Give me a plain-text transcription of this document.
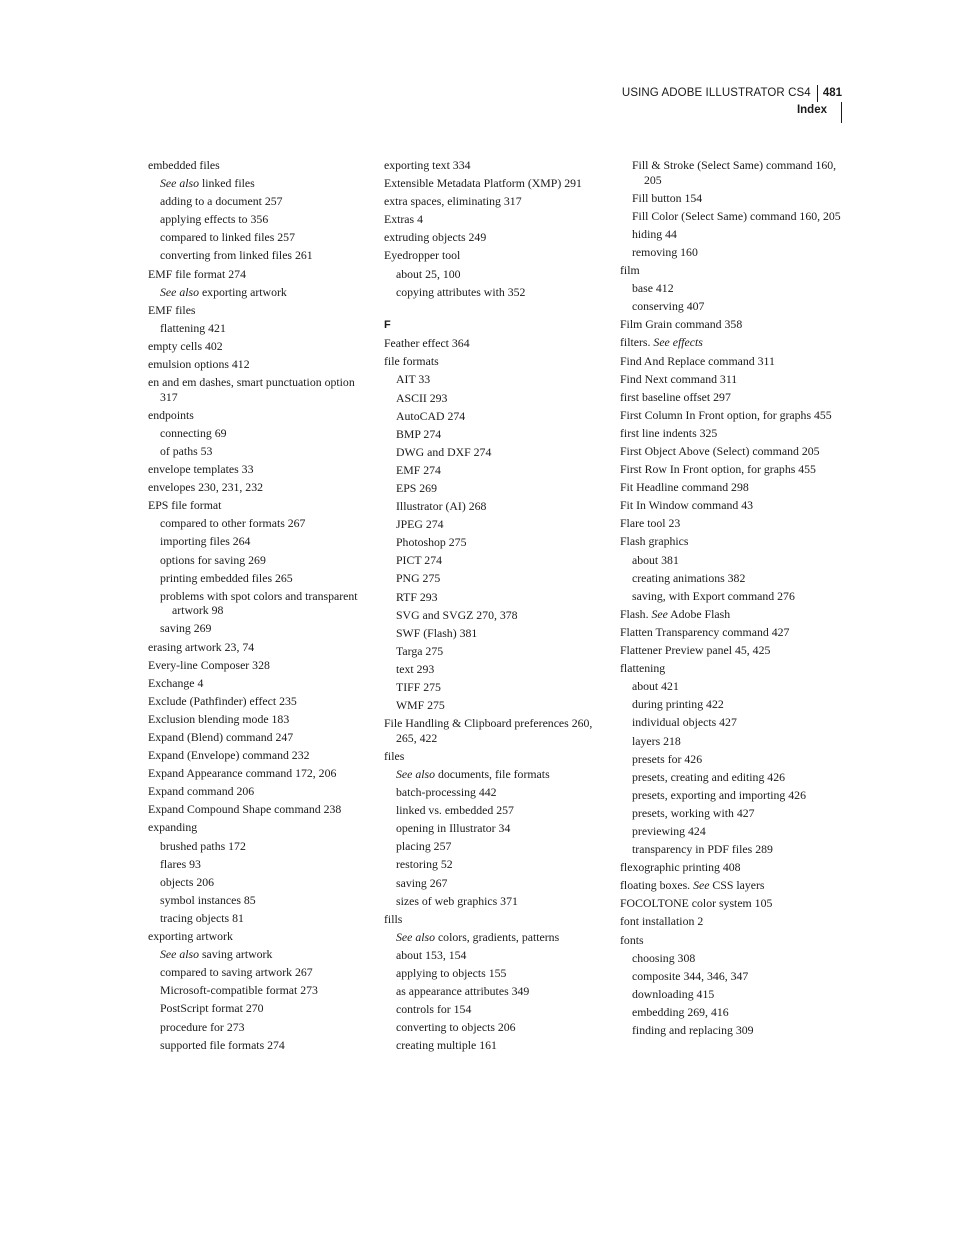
USING ADOBE ILLUSTRATOR CS4	481
Index
embedded files
See also linked files
adding to a document 257
applying effects to 356
compared to linked files 257
converting from linked files 261
EMF file format 274
See also exporting artwork
EMF files
flattening 421
empty cells 402
emulsion options 412
en and em dashes, smart punctuation option 317
endpoints
connecting 69
of paths 53
envelope templates 33
envelopes 230, 231, 232
EPS file format
compared to other formats 267
importing files 264
options for saving 269
printing embedded files 265
problems with spot colors and transparent artwork 98
saving 269
erasing artwork 23, 74
Every-line Composer 328
Exchange 4
Exclude (Pathfinder) effect 235
Exclusion blending mode 183
Expand (Blend) command 247
Expand (Envelope) command 232
Expand Appearance command 172, 206
Expand command 206
Expand Compound Shape command 238
expanding
brushed paths 172
flares 93
objects 206
symbol instances 85
tracing objects 81
exporting artwork
See also saving artwork
compared to saving artwork 267
Microsoft-compatible format 273
PostScript format 270
procedure for 273
supported file formats 274
exporting text 334
Extensible Metadata Platform (XMP) 291
extra spaces, eliminating 317
Extras 4
extruding objects 249
Eyedropper tool
about 25, 100
copying attributes with 352
F
Feather effect 364
file formats
AIT 33
ASCII 293
AutoCAD 274
BMP 274
DWG and DXF 274
EMF 274
EPS 269
Illustrator (AI) 268
JPEG 274
Photoshop 275
PICT 274
PNG 275
RTF 293
SVG and SVGZ 270, 378
SWF (Flash) 381
Targa 275
text 293
TIFF 275
WMF 275
File Handling & Clipboard preferences 260, 265, 422
files
See also documents, file formats
batch-processing 442
linked vs. embedded 257
opening in Illustrator 34
placing 257
restoring 52
saving 267
sizes of web graphics 371
fills
See also colors, gradients, patterns
about 153, 154
applying to objects 155
as appearance attributes 349
controls for 154
converting to objects 206
creating multiple 161
Fill & Stroke (Select Same) command 160, 205
Fill button 154
Fill Color (Select Same) command 160, 205
hiding 44
removing 160
film
base 412
conserving 407
Film Grain command 358
filters. See effects
Find And Replace command 311
Find Next command 311
first baseline offset 297
First Column In Front option, for graphs 455
first line indents 325
First Object Above (Select) command 205
First Row In Front option, for graphs 455
Fit Headline command 298
Fit In Window command 43
Flare tool 23
Flash graphics
about 381
creating animations 382
saving, with Export command 276
Flash. See Adobe Flash
Flatten Transparency command 427
Flattener Preview panel 45, 425
flattening
about 421
during printing 422
individual objects 427
layers 218
presets for 426
presets, creating and editing 426
presets, exporting and importing 426
presets, working with 427
previewing 424
transparency in PDF files 289
flexographic printing 408
floating boxes. See CSS layers
FOCOLTONE color system 105
font installation 2
fonts
choosing 308
composite 344, 346, 347
downloading 415
embedding 269, 416
finding and replacing 309
